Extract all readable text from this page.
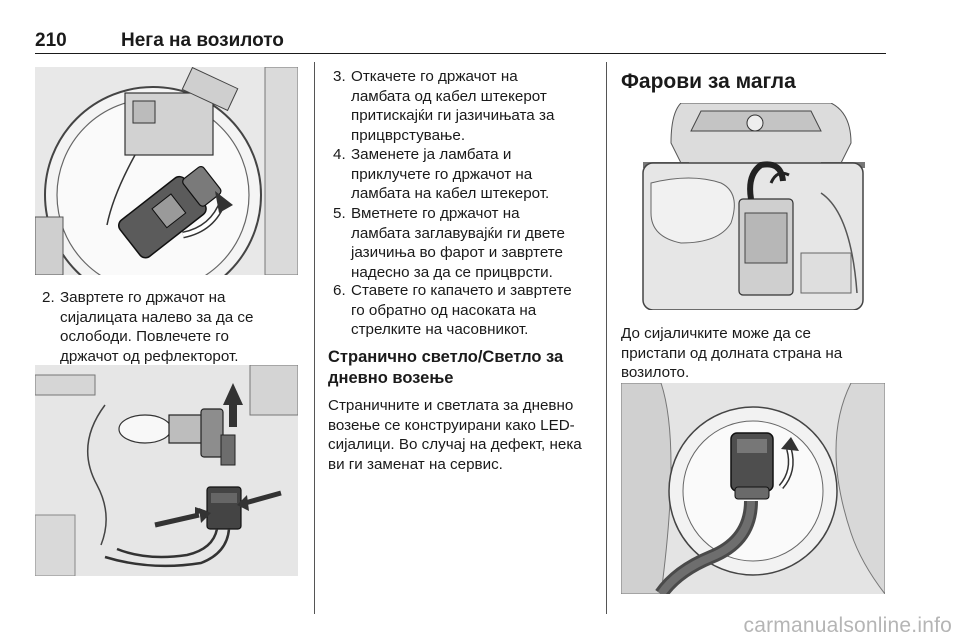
210	Нега на возилото
2. Завртете го држачот на
сијалицата налево за да се
ослободи. Повлечете го
држачот од рефлекторот.
3. Откачете го држачот на
ламбата од кабел штекерот
притискајќи ги јазичињата за
прицврстување.
4. Заменете ја ламбата и
приклучете го држачот на
ламбата на кабел штекерот.
5. Вметнете го држачот на
ламбата заглавувајќи ги двете
јазичиња во фарот и завртете
надесно за да се прицврсти.
6. Ставете го капачето и завртете
го обратно од насоката на
стрелките на часовникот.
Странично светло/Светло за
дневно возење
Страничните и светлата за дневно
возење се конструирани како LED-
сијалици. Во случај на дефект, нека
ви ги заменат на сервис.
Фарови за магла
До сијаличките може да се
пристапи од долната страна на
возилото.
carmanualsonline.info
